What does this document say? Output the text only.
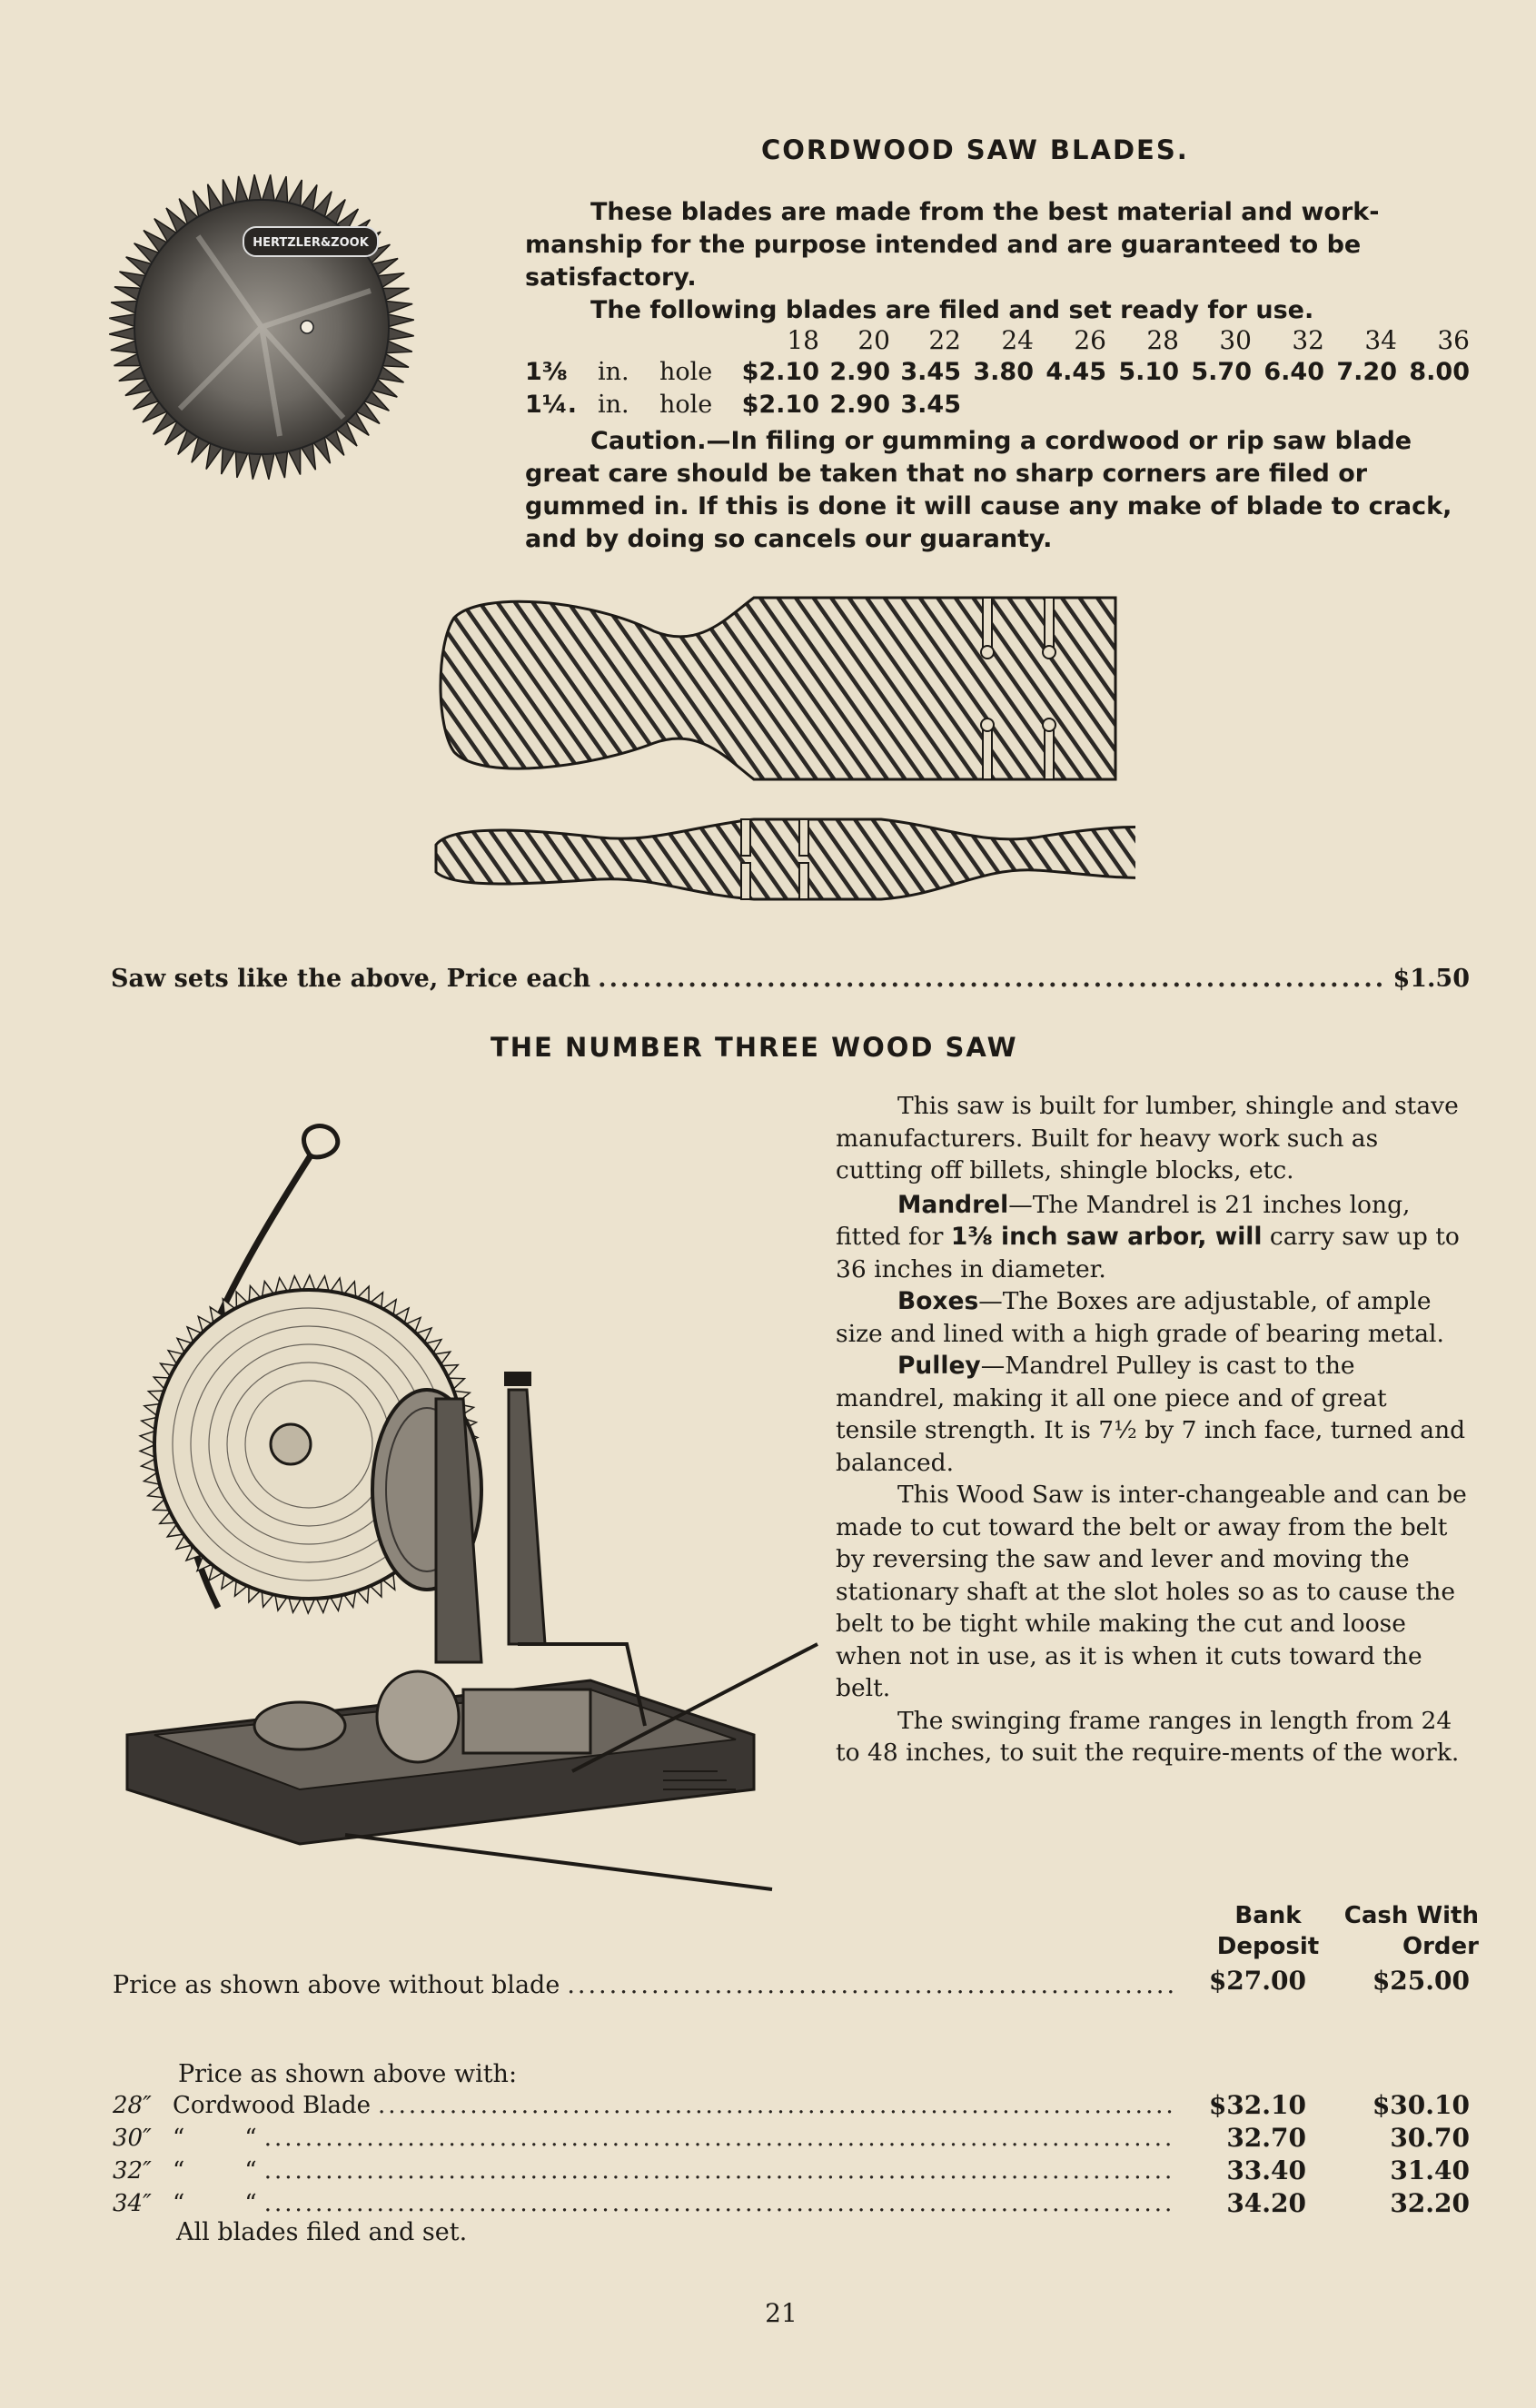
HERTZLER&ZOOK
CORDWOOD SAW BLADES.
These blades are made from the best material and work-manship for the purpose intended and are guaranteed to be satisfactory.
The following blades are filed and set ready for use.
18	20	22	24	26	28	30	32	34	36
1⅜ in. hole	$2.10 2.90 3.45 3.80 4.45 5.10 5.70 6.40 7.20 8.00
1¼. in. hole	$2.10 2.90 3.45
Caution.—In filing or gumming a cordwood or rip saw blade great care should be taken that no sharp corners are filed or gummed in. If this is done it will cause any make of blade to crack, and by doing so cancels our guaranty.
Saw sets like the above, Price each .....	$1.50
THE NUMBER THREE WOOD SAW

This saw is built for lumber, shingle and stave manufacturers. Built for heavy work such as cutting off billets, shingle blocks, etc.

Mandrel—The Mandrel is 21 inches long, fitted for 1⅜ inch saw arbor, will carry saw up to 36 inches in diameter.

Boxes—The Boxes are adjustable, of ample size and lined with a high grade of bearing metal.

Pulley—Mandrel Pulley is cast to the mandrel, making it all one piece and of great tensile strength. It is 7½ by 7 inch face, turned and balanced.

This Wood Saw is inter-changeable and can be made to cut toward the belt or away from the belt by reversing the saw and lever and moving the stationary shaft at the slot holes so as to cause the belt to be tight while making the cut and loose when not in use, as it is when it cuts toward the belt.

The swinging frame ranges in length from 24 to 48 inches, to suit the require-ments of the work.

Bank
Deposit
Cash With
Order
Price as shown above without blade .....	$27.00	$25.00
Price as shown above with:
28″ Cordwood Blade .....	$32.10	$30.10
30″ “        “ .....	32.70	30.70
32″ “        “ .....	33.40	31.40
34″ “        “ .....	34.20	32.20
All blades filed and set.
21
